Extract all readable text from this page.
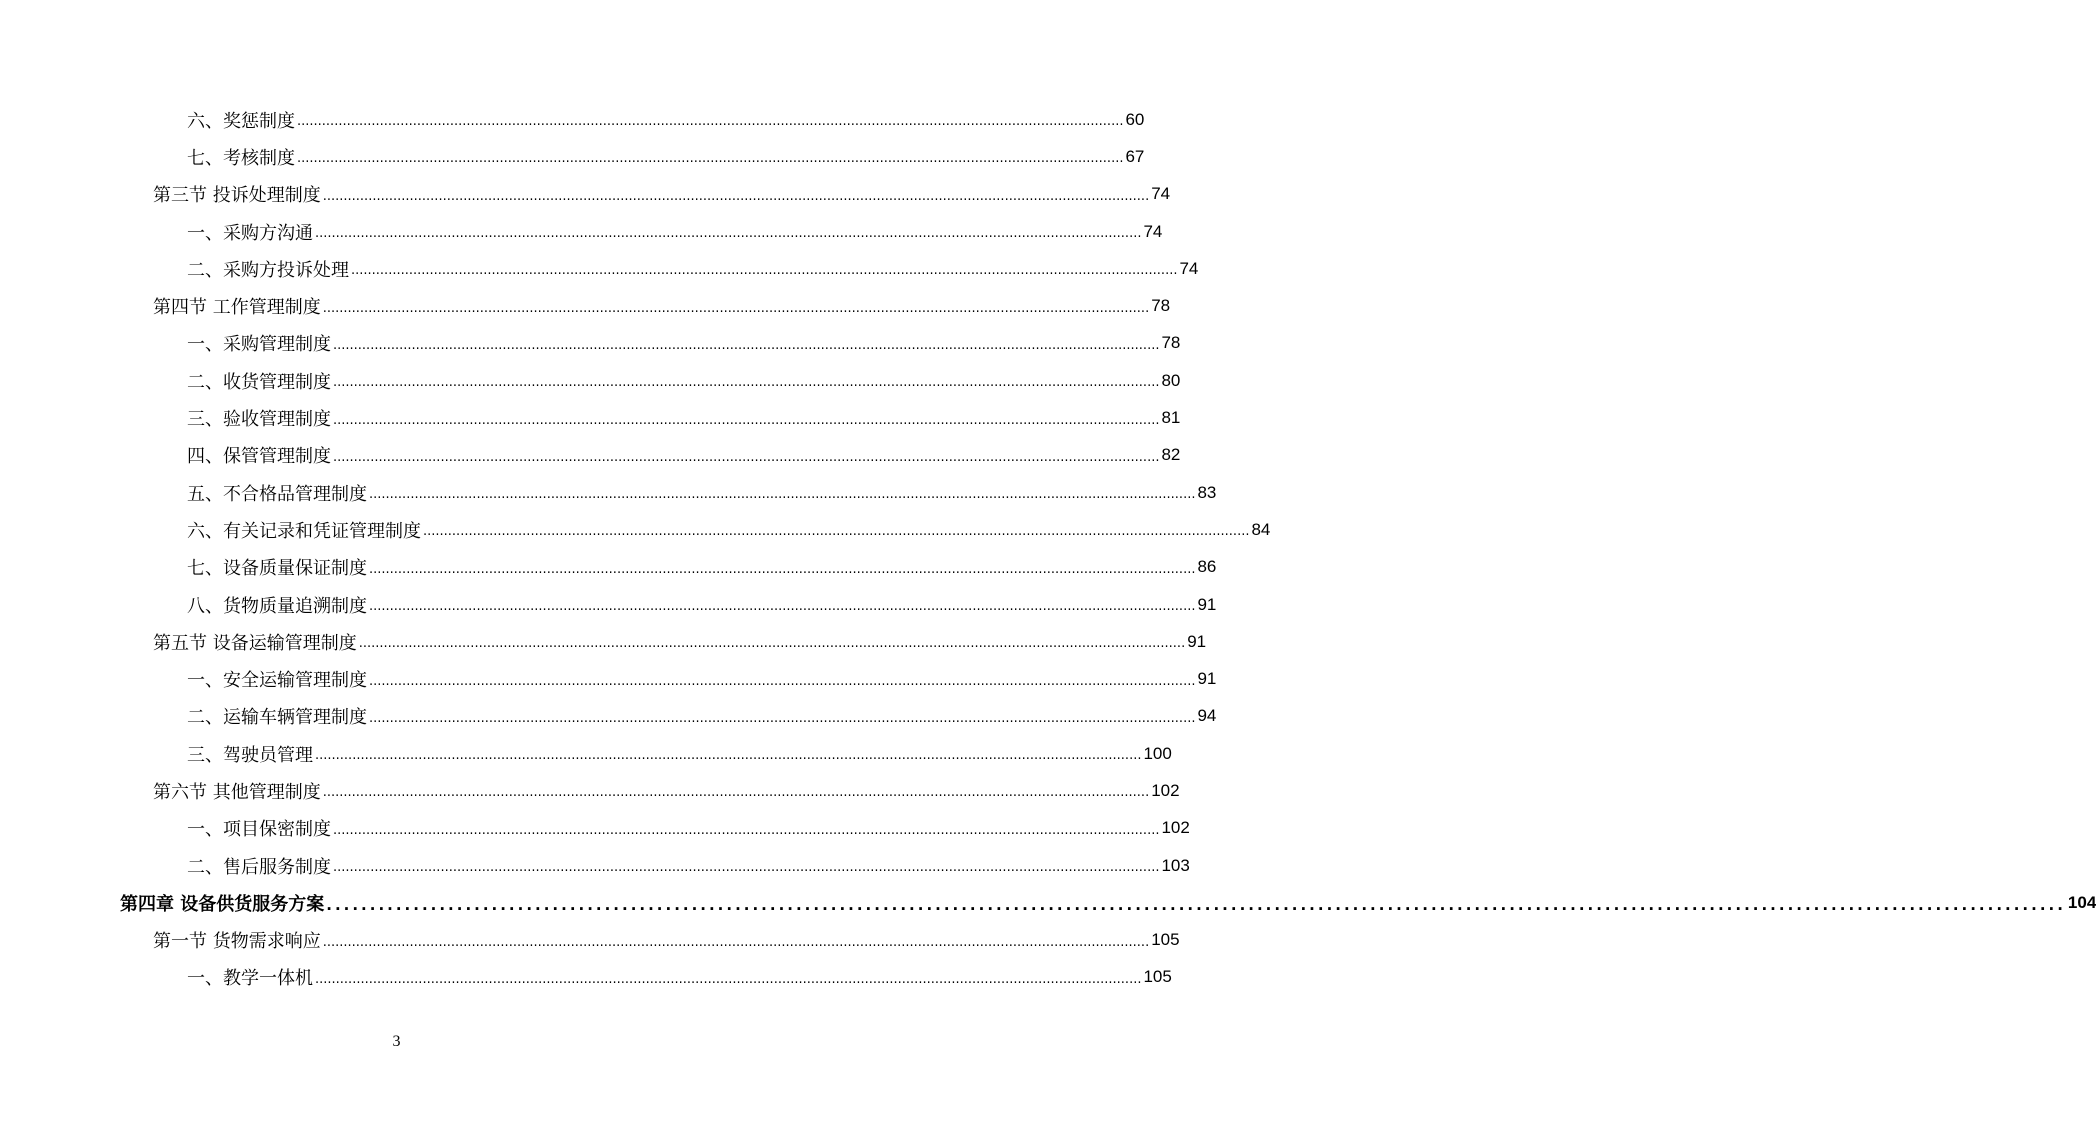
六、奖惩制度 ........................................................................................................................................................................................................ 60
七、考核制度 ........................................................................................................................................................................................................ 67
第三节 投诉处理制度 ........................................................................................................................................................................................................ 74
一、采购方沟通 ........................................................................................................................................................................................................ 74
二、采购方投诉处理 ........................................................................................................................................................................................................ 74
第四节 工作管理制度 ........................................................................................................................................................................................................ 78
一、采购管理制度 ........................................................................................................................................................................................................ 78
二、收货管理制度 ........................................................................................................................................................................................................ 80
三、验收管理制度 ........................................................................................................................................................................................................ 81
四、保管管理制度 ........................................................................................................................................................................................................ 82
五、不合格品管理制度 ........................................................................................................................................................................................................ 83
六、有关记录和凭证管理制度 ........................................................................................................................................................................................................ 84
七、设备质量保证制度 ........................................................................................................................................................................................................ 86
八、货物质量追溯制度 ........................................................................................................................................................................................................ 91
第五节 设备运输管理制度 ........................................................................................................................................................................................................ 91
一、安全运输管理制度 ........................................................................................................................................................................................................ 91
二、运输车辆管理制度 ........................................................................................................................................................................................................ 94
三、驾驶员管理 ........................................................................................................................................................................................................ 100
第六节 其他管理制度 ........................................................................................................................................................................................................ 102
一、项目保密制度 ........................................................................................................................................................................................................ 102
二、售后服务制度 ........................................................................................................................................................................................................ 103
第四章 设备供货服务方案 ........................................................................................................................................................................................................ 104
第一节 货物需求响应 ........................................................................................................................................................................................................ 105
一、教学一体机 ........................................................................................................................................................................................................ 105
3
